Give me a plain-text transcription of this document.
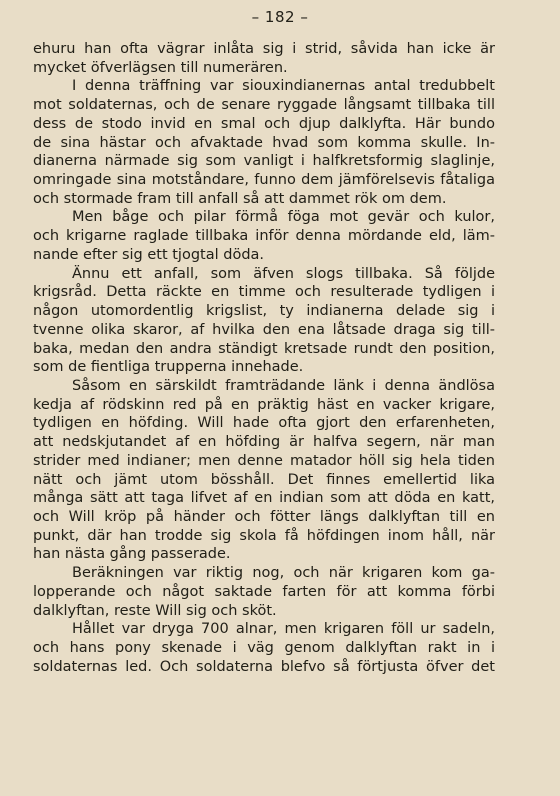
– 182 –
ehuru han ofta vägrar inlåta sig i strid, såvida han icke är
mycket öfverlägsen till numerären.
I denna träffning var siouxindianernas antal tredubbelt
mot soldaternas, och de senare ryggade långsamt tillbaka till
dess de stodo invid en smal och djup dalklyfta. Här bundo
de sina hästar och afvaktade hvad som komma skulle. In-
dianerna närmade sig som vanligt i halfkretsformig slaglinje,
omringade sina motståndare, funno dem jämförelsevis fåtaliga
och stormade fram till anfall så att dammet rök om dem.
Men båge och pilar förmå föga mot gevär och kulor,
och krigarne raglade tillbaka inför denna mördande eld, läm-
nande efter sig ett tjogtal döda.
Ännu ett anfall, som äfven slogs tillbaka. Så följde
krigsråd. Detta räckte en timme och resulterade tydligen i
någon utomordentlig krigslist, ty indianerna delade sig i
tvenne olika skaror, af hvilka den ena låtsade draga sig till-
baka, medan den andra ständigt kretsade rundt den position,
som de fientliga trupperna innehade.
Såsom en särskildt framträdande länk i denna ändlösa
kedja af rödskinn red på en präktig häst en vacker krigare,
tydligen en höfding. Will hade ofta gjort den erfarenheten,
att nedskjutandet af en höfding är halfva segern, när man
strider med indianer; men denne matador höll sig hela tiden
nätt och jämt utom bösshåll. Det finnes emellertid lika
många sätt att taga lifvet af en indian som att döda en katt,
och Will kröp på händer och fötter längs dalklyftan till en
punkt, där han trodde sig skola få höfdingen inom håll, när
han nästa gång passerade.
Beräkningen var riktig nog, och när krigaren kom ga-
lopperande och något saktade farten för att komma förbi
dalklyftan, reste Will sig och sköt.
Hållet var dryga 700 alnar, men krigaren föll ur sadeln,
och hans pony skenade i väg genom dalklyftan rakt in i
soldaternas led. Och soldaterna blefvo så förtjusta öfver det
